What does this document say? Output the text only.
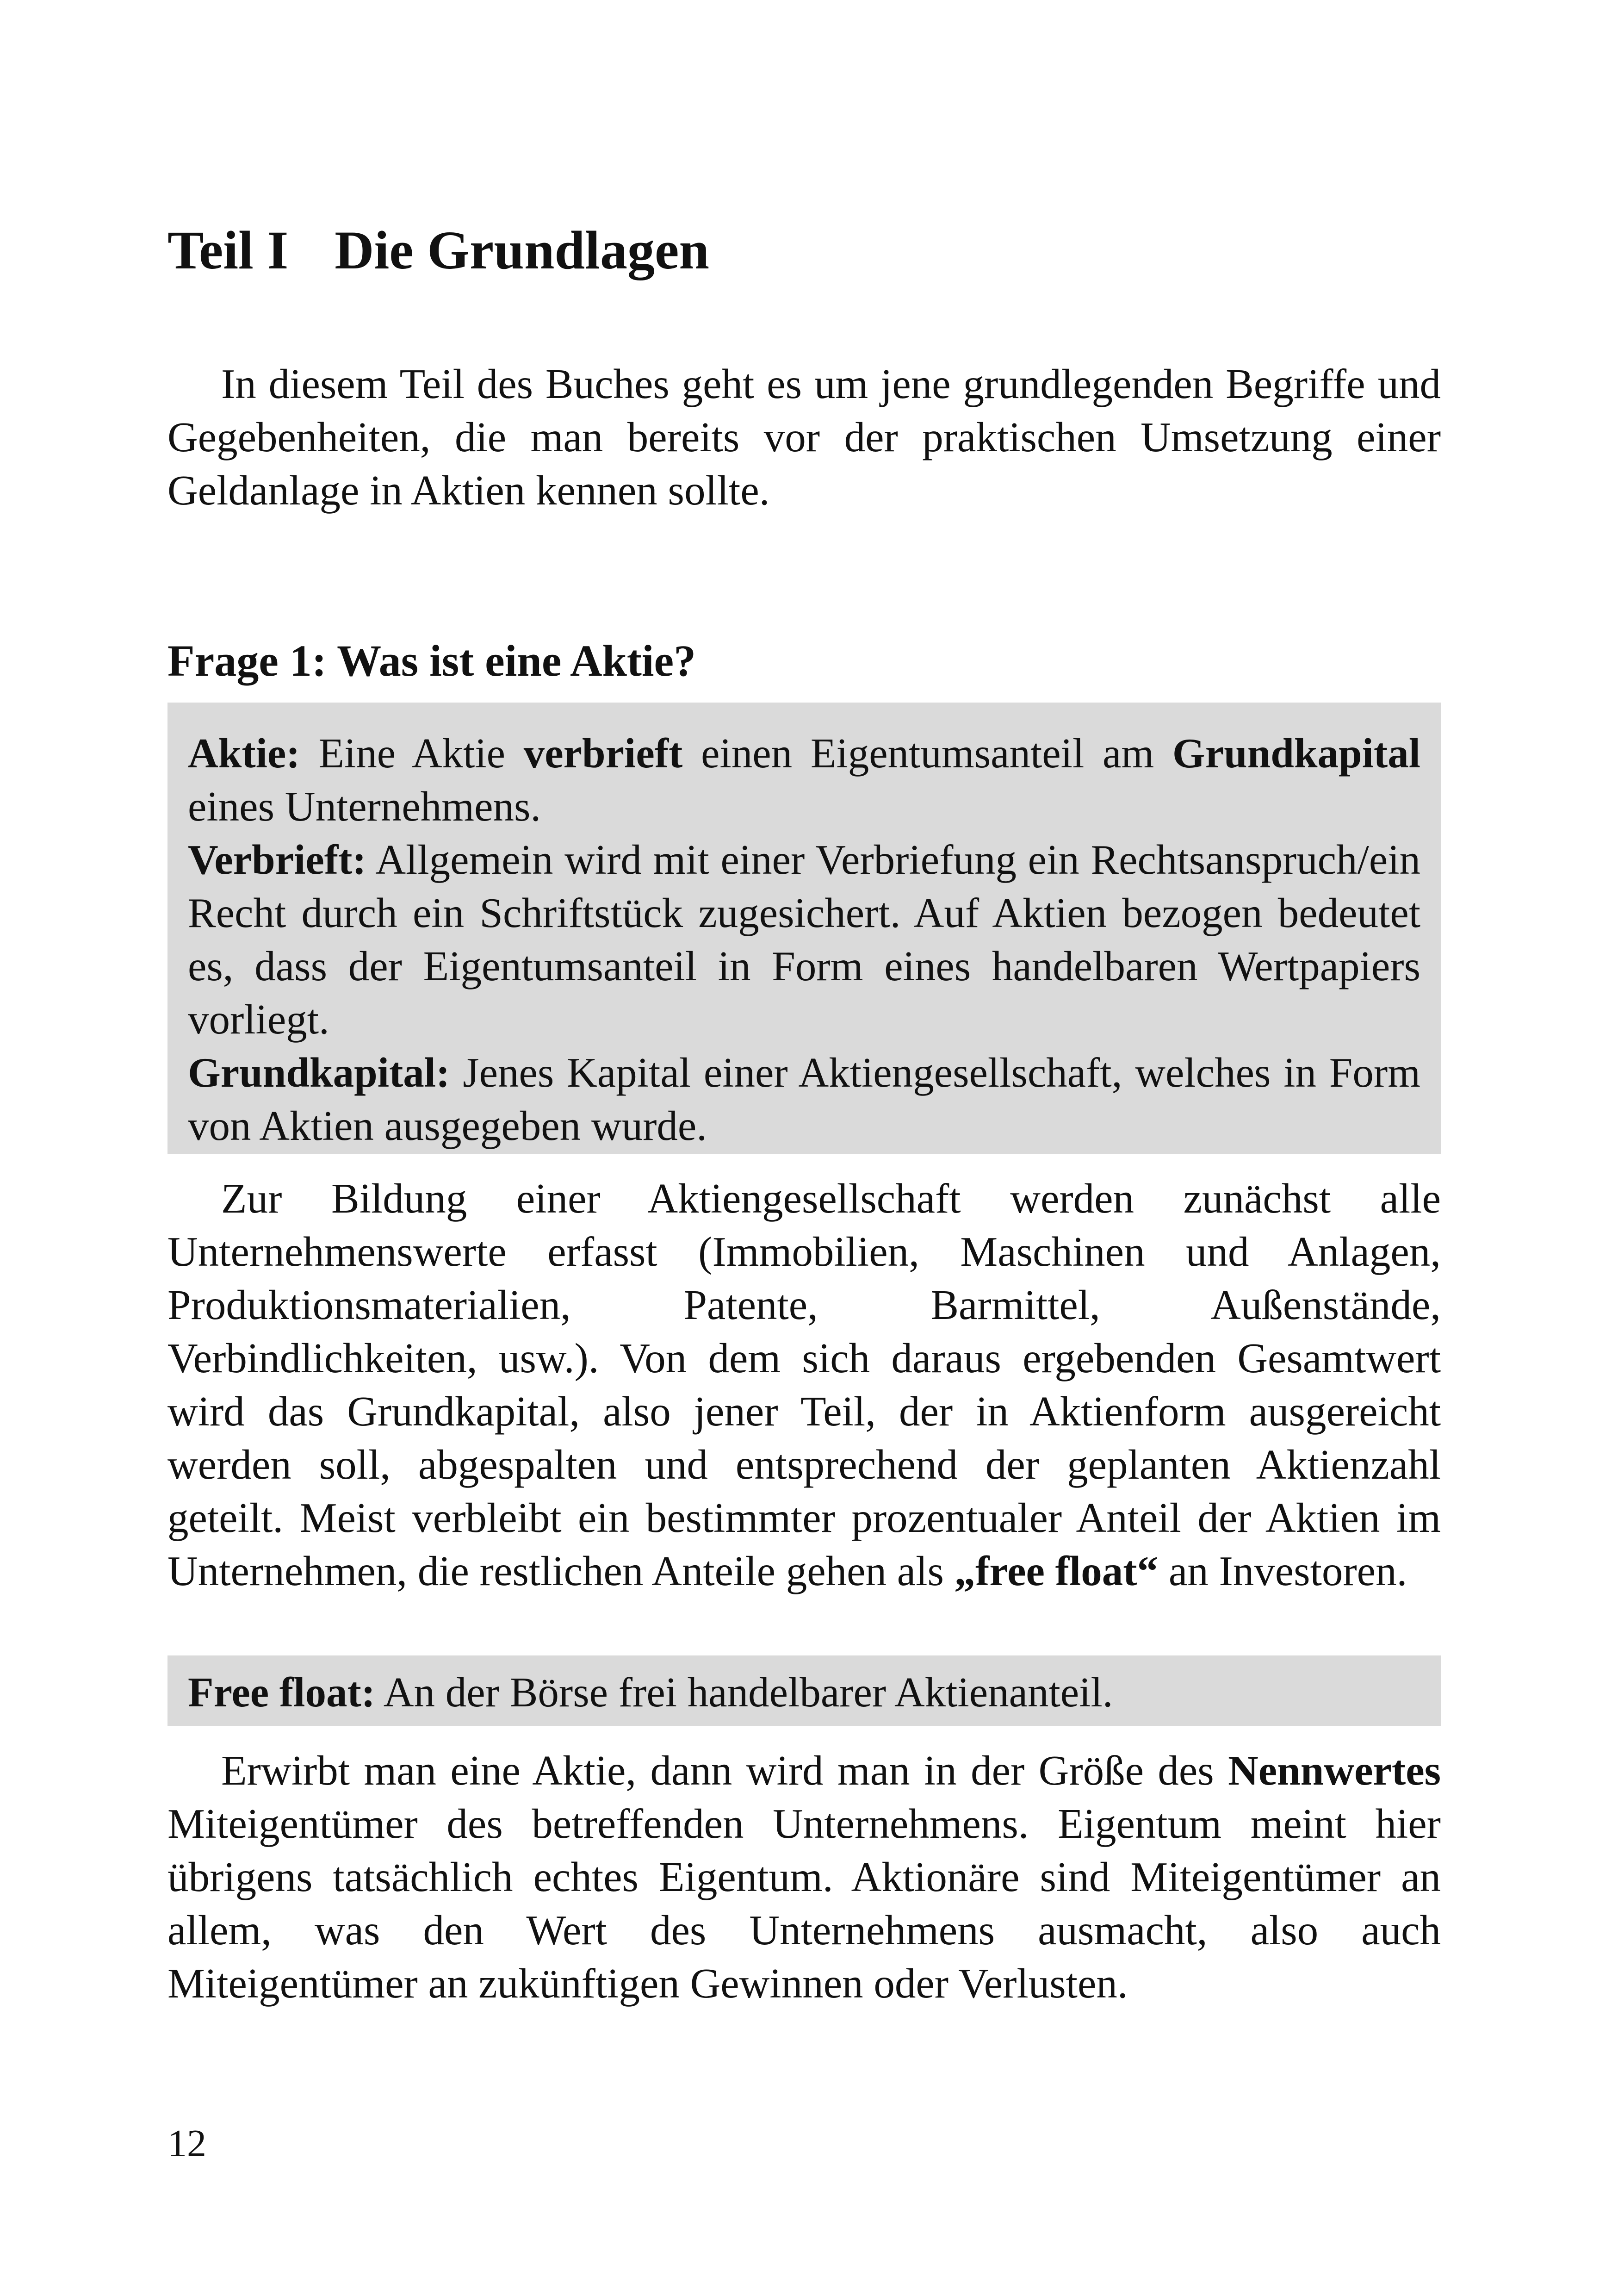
Teil I Die Grundlagen

In diesem Teil des Buches geht es um jene grundlegenden Begriffe und Gegebenheiten, die man bereits vor der praktischen Umsetzung einer Geldanlage in Aktien kennen sollte.

Frage 1: Was ist eine Aktie?

Aktie: Eine Aktie verbrieft einen Eigentumsanteil am Grundkapital eines Unternehmens.

Verbrieft: Allgemein wird mit einer Verbriefung ein Rechtsanspruch/ein Recht durch ein Schriftstück zugesichert. Auf Aktien bezogen bedeutet es, dass der Eigentumsanteil in Form eines handelbaren Wertpapiers vorliegt.

Grundkapital: Jenes Kapital einer Aktiengesellschaft, welches in Form von Aktien ausgegeben wurde.

Zur Bildung einer Aktiengesellschaft werden zunächst alle Unternehmenswerte erfasst (Immobilien, Maschinen und Anlagen, Produktionsmaterialien, Patente, Barmittel, Außenstände, Verbindlichkeiten, usw.). Von dem sich daraus ergebenden Gesamtwert wird das Grundkapital, also jener Teil, der in Aktienform ausgereicht werden soll, abgespalten und entsprechend der geplanten Aktienzahl geteilt. Meist verbleibt ein bestimmter prozentualer Anteil der Aktien im Unternehmen, die restlichen Anteile gehen als „free float“ an Investoren.

Free float: An der Börse frei handelbarer Aktienanteil.

Erwirbt man eine Aktie, dann wird man in der Größe des Nennwertes Miteigentümer des betreffenden Unternehmens. Eigentum meint hier übrigens tatsächlich echtes Eigentum. Aktionäre sind Miteigentümer an allem, was den Wert des Unternehmens ausmacht, also auch Miteigentümer an zukünftigen Gewinnen oder Verlusten.

12
